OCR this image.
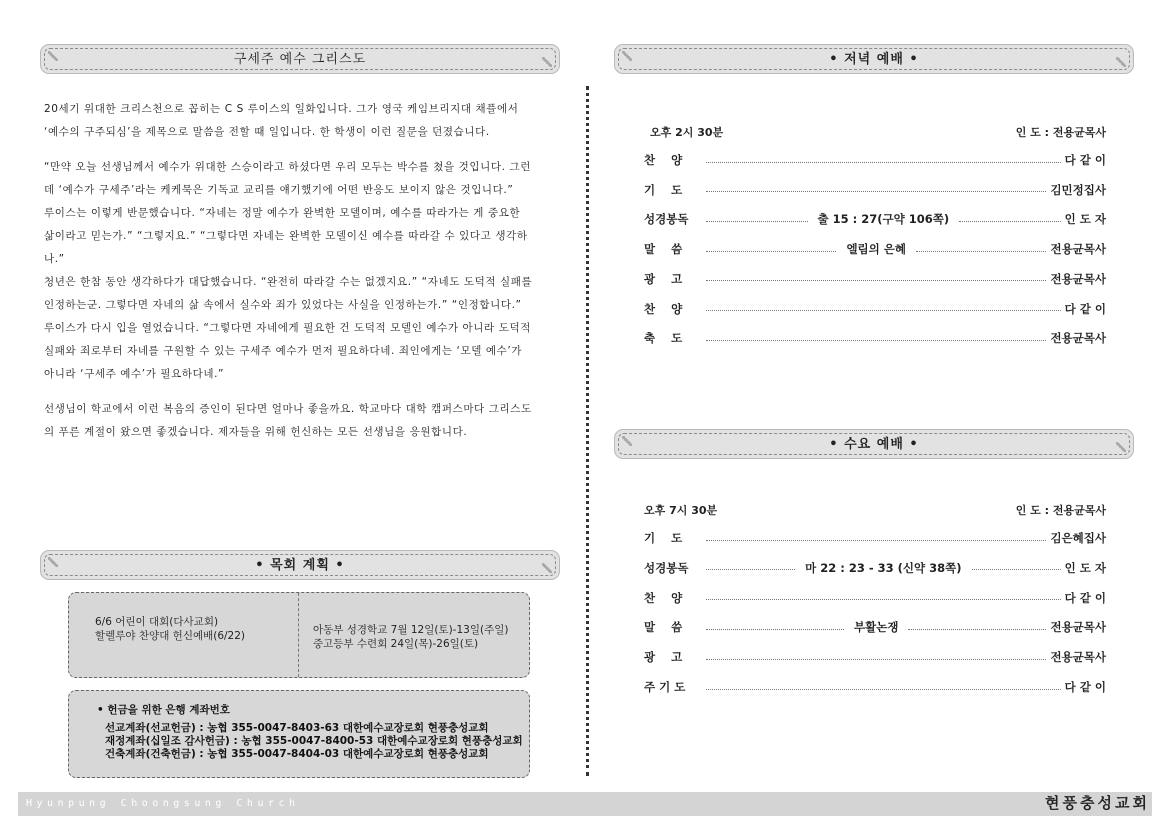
구세주 예수 그리스도

20세기 위대한 크리스천으로 꼽히는 C S 루이스의 일화입니다. 그가 영국 케임브리지대 채플에서 ‘예수의 구주되심’을 제목으로 말씀을 전할 때 일입니다. 한 학생이 이런 질문을 던졌습니다.

“만약 오늘 선생님께서 예수가 위대한 스승이라고 하셨다면 우리 모두는 박수를 쳤을 것입니다. 그런데 ‘예수가 구세주’라는 케케묵은 기독교 교리를 얘기했기에 어떤 반응도 보이지 않은 것입니다.”
루이스는 이렇게 반문했습니다. “자네는 정말 예수가 완벽한 모델이며, 예수를 따라가는 게 중요한 삶이라고 믿는가.” “그렇지요.” “그렇다면 자네는 완벽한 모델이신 예수를 따라갈 수 있다고 생각하나.”
청년은 한참 동안 생각하다가 대답했습니다. “완전히 따라갈 수는 없겠지요.” “자네도 도덕적 실패를 인정하는군. 그렇다면 자네의 삶 속에서 실수와 죄가 있었다는 사실을 인정하는가.” “인정합니다.”
루이스가 다시 입을 열었습니다. “그렇다면 자네에게 필요한 건 도덕적 모델인 예수가 아니라 도덕적 실패와 죄로부터 자네를 구원할 수 있는 구세주 예수가 먼저 필요하다네. 죄인에게는 ‘모델 예수’가 아니라 ‘구세주 예수’가 필요하다네.”

선생님이 학교에서 이런 복음의 증인이 된다면 얼마나 좋을까요. 학교마다 대학 캠퍼스마다 그리스도의 푸른 계절이 왔으면 좋겠습니다. 제자들을 위해 헌신하는 모든 선생님을 응원합니다.

• 목회 계획 •
6/6 어린이 대회(다사교회)
할렐루야 찬양대 헌신예배(6/22)	아동부 성경학교 7월 12일(토)-13일(주일)
중고등부 수련회 24일(목)-26일(토)
• 헌금을 위한 은행 계좌번호
선교계좌(선교헌금) : 농협 355-0047-8403-63 대한예수교장로회 현풍충성교회
재정계좌(십일조 감사헌금) : 농협 355-0047-8400-53 대한예수교장로회 현풍충성교회
건축계좌(건축헌금) : 농협 355-0047-8404-03 대한예수교장로회 현풍충성교회
• 저녁 예배 •
오후 2시 30분	인 도 : 전용균목사
찬    양	다 같 이
기    도	김민정집사
성경봉독	출 15 : 27(구약 106쪽)	인 도 자
말    씀	엘림의 은혜	전용균목사
광    고	전용균목사
찬    양	다 같 이
축    도	전용균목사
• 수요 예배 •
오후 7시 30분	인 도 : 전용균목사
기    도	김은혜집사
성경봉독	마 22 : 23 - 33 (신약 38쪽)	인 도 자
찬    양	다 같 이
말    씀	부활논쟁	전용균목사
광    고	전용균목사
주 기 도	다 같 이
Hyunpung Choongsung Church	현풍충성교회
